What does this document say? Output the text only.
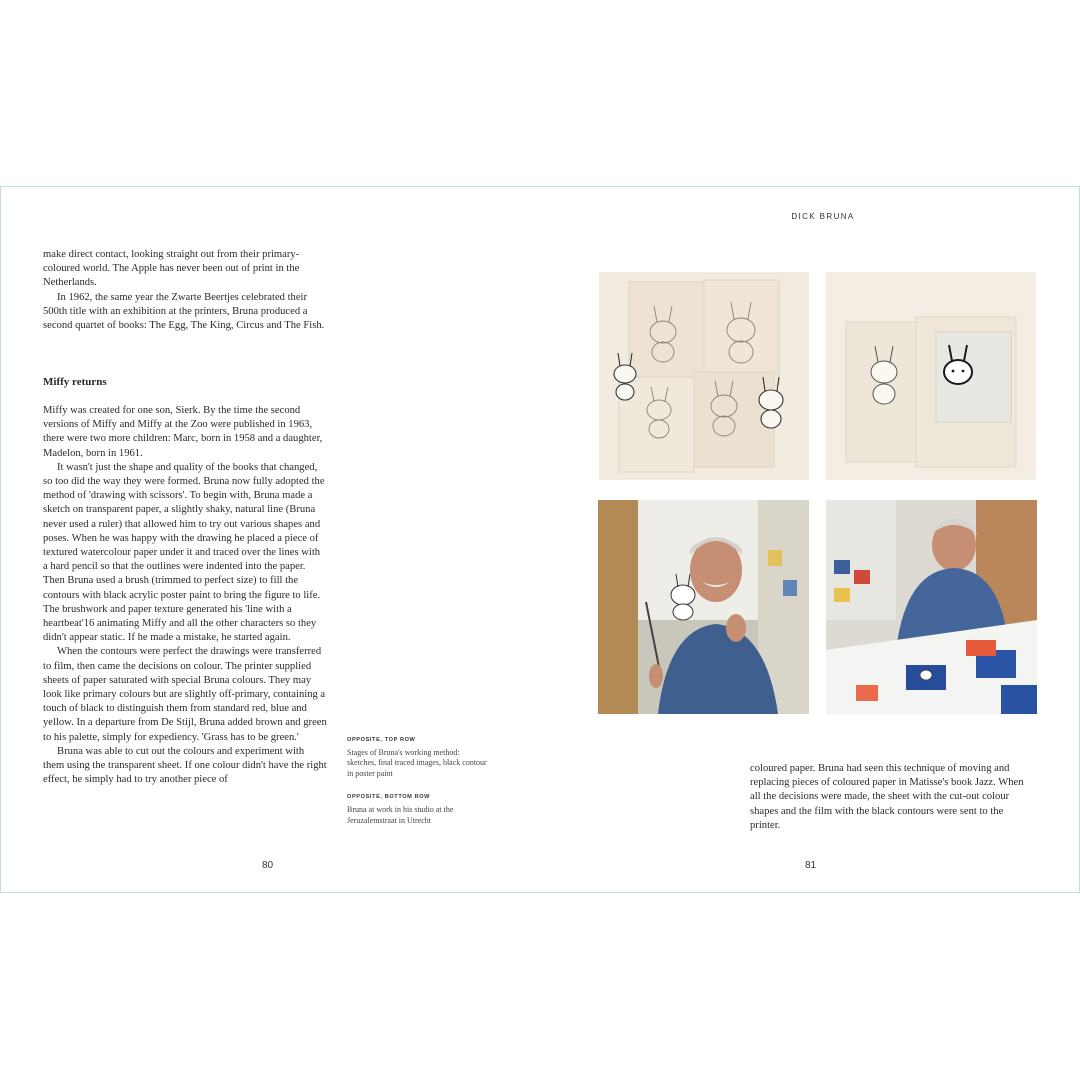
DICK BRUNA

make direct contact, looking straight out from their primary-coloured world. The Apple has never been out of print in the Netherlands.

In 1962, the same year the Zwarte Beertjes celebrated their 500th title with an exhibition at the printers, Bruna produced a second quartet of books: The Egg, The King, Circus and The Fish.

Miffy returns

Miffy was created for one son, Sierk. By the time the second versions of Miffy and Miffy at the Zoo were published in 1963, there were two more children: Marc, born in 1958 and a daughter, Madelon, born in 1961.

It wasn't just the shape and quality of the books that changed, so too did the way they were formed. Bruna now fully adopted the method of 'drawing with scissors'. To begin with, Bruna made a sketch on transparent paper, a slightly shaky, natural line (Bruna never used a ruler) that allowed him to try out various shapes and poses. When he was happy with the drawing he placed a piece of textured watercolour paper under it and traced over the lines with a hard pencil so that the outlines were indented into the paper. Then Bruna used a brush (trimmed to perfect size) to fill the contours with black acrylic poster paint to bring the figure to life. The brushwork and paper texture generated his 'line with a heartbeat'16 animating Miffy and all the other characters so they didn't appear static. If he made a mistake, he started again.

When the contours were perfect the drawings were transferred to film, then came the decisions on colour. The printer supplied sheets of paper saturated with special Bruna colours. They may look like primary colours but are slightly off-primary, containing a touch of black to distinguish them from standard red, blue and yellow. In a departure from De Stijl, Bruna added brown and green to his palette, simply for expediency. 'Grass has to be green.'

Bruna was able to cut out the colours and experiment with them using the transparent sheet. If one colour didn't have the right effect, he simply had to try another piece of

OPPOSITE, TOP ROW
Stages of Bruna's working method: sketches, final traced images, black contour in poster paint
OPPOSITE, BOTTOM ROW
Bruna at work in his studio at the Jeruzalemstraat in Utrecht
80

coloured paper. Bruna had seen this technique of moving and replacing pieces of coloured paper in Matisse's book Jazz. When all the decisions were made, the sheet with the cut-out colour shapes and the film with the black contours were sent to the printer.

81
